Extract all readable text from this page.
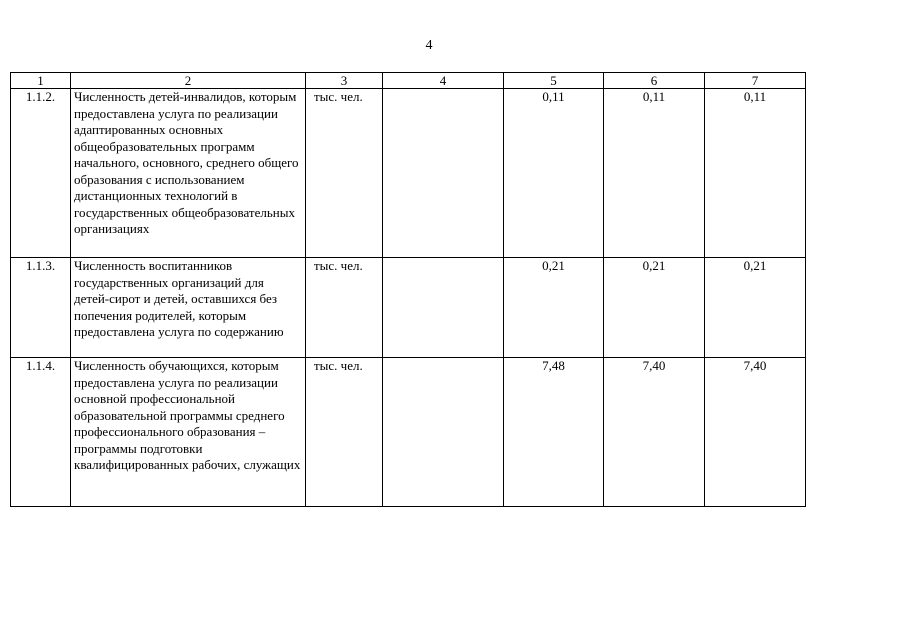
4
1	2	3	4	5	6	7
1.1.2.	Численность детей-инвалидов, которым предоставлена услуга по реализации адаптированных основных общеобразовательных программ начального, основного, среднего общего образования с использованием дистанционных технологий в государственных общеобразовательных организациях	тыс. чел.		0,11	0,11	0,11
1.1.3.	Численность воспитанников государственных организаций для детей-сирот и детей, оставшихся без попечения родителей, которым предоставлена услуга по содержанию	тыс. чел.		0,21	0,21	0,21
1.1.4.	Численность обучающихся, которым предоставлена услуга по реализации основной профессиональной образовательной программы среднего профессионального образования – программы подготовки квалифицированных рабочих, служащих	тыс. чел.		7,48	7,40	7,40
